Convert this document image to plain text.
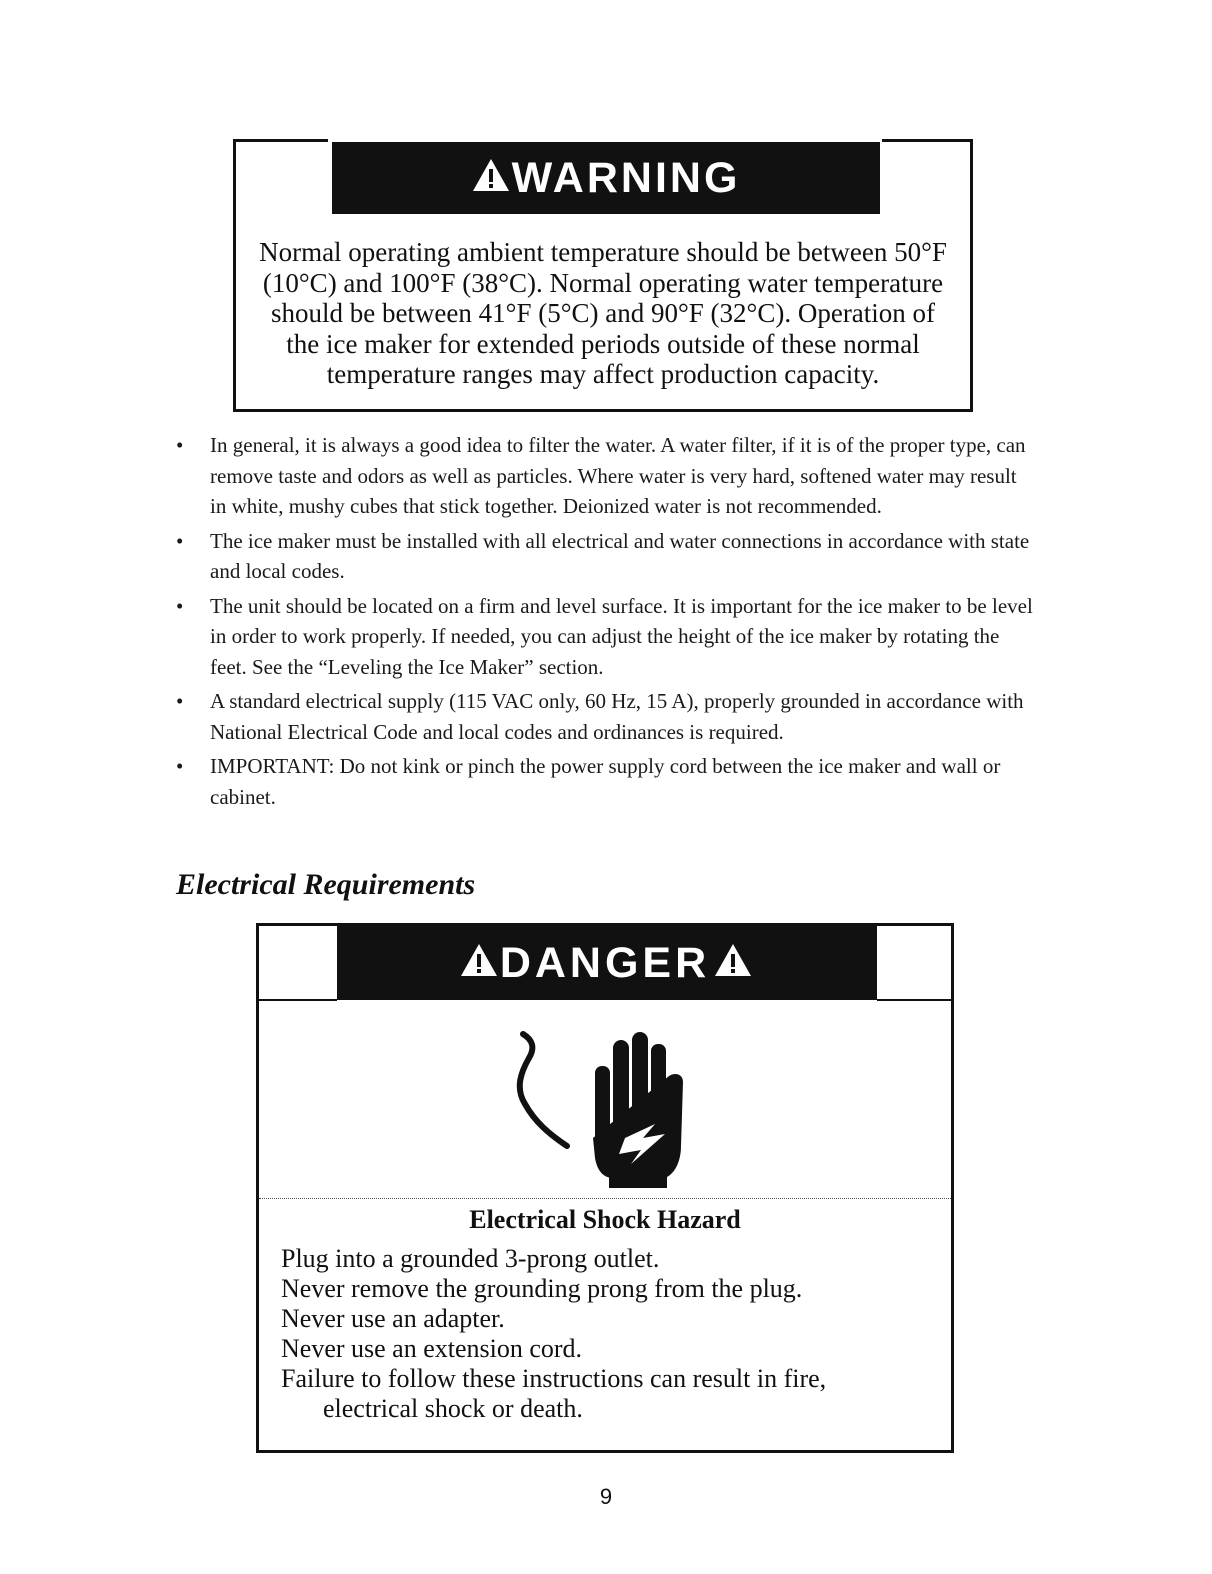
WARNING
Normal operating ambient temperature should be between 50°F
(10°C) and 100°F (38°C). Normal operating water temperature
should be between 41°F (5°C) and 90°F (32°C). Operation of
the ice maker for extended periods outside of these normal
temperature ranges may affect production capacity.
• In general, it is always a good idea to filter the water. A water filter, if it is of the proper type, can remove taste and odors as well as particles. Where water is very hard, softened water may result in white, mushy cubes that stick together. Deionized water is not recommended.
• The ice maker must be installed with all electrical and water connections in accordance with state and local codes.
• The unit should be located on a firm and level surface. It is important for the ice maker to be level in order to work properly. If needed, you can adjust the height of the ice maker by rotating the feet. See the “Leveling the Ice Maker” section.
• A standard electrical supply (115 VAC only, 60 Hz, 15 A), properly grounded in accordance with National Electrical Code and local codes and ordinances is required.
• IMPORTANT: Do not kink or pinch the power supply cord between the ice maker and wall or cabinet.
Electrical Requirements
DANGER
Electrical Shock Hazard
Plug into a grounded 3-prong outlet.
Never remove the grounding prong from the plug.
Never use an adapter.
Never use an extension cord.
Failure to follow these instructions can result in fire,
electrical shock or death.
9
